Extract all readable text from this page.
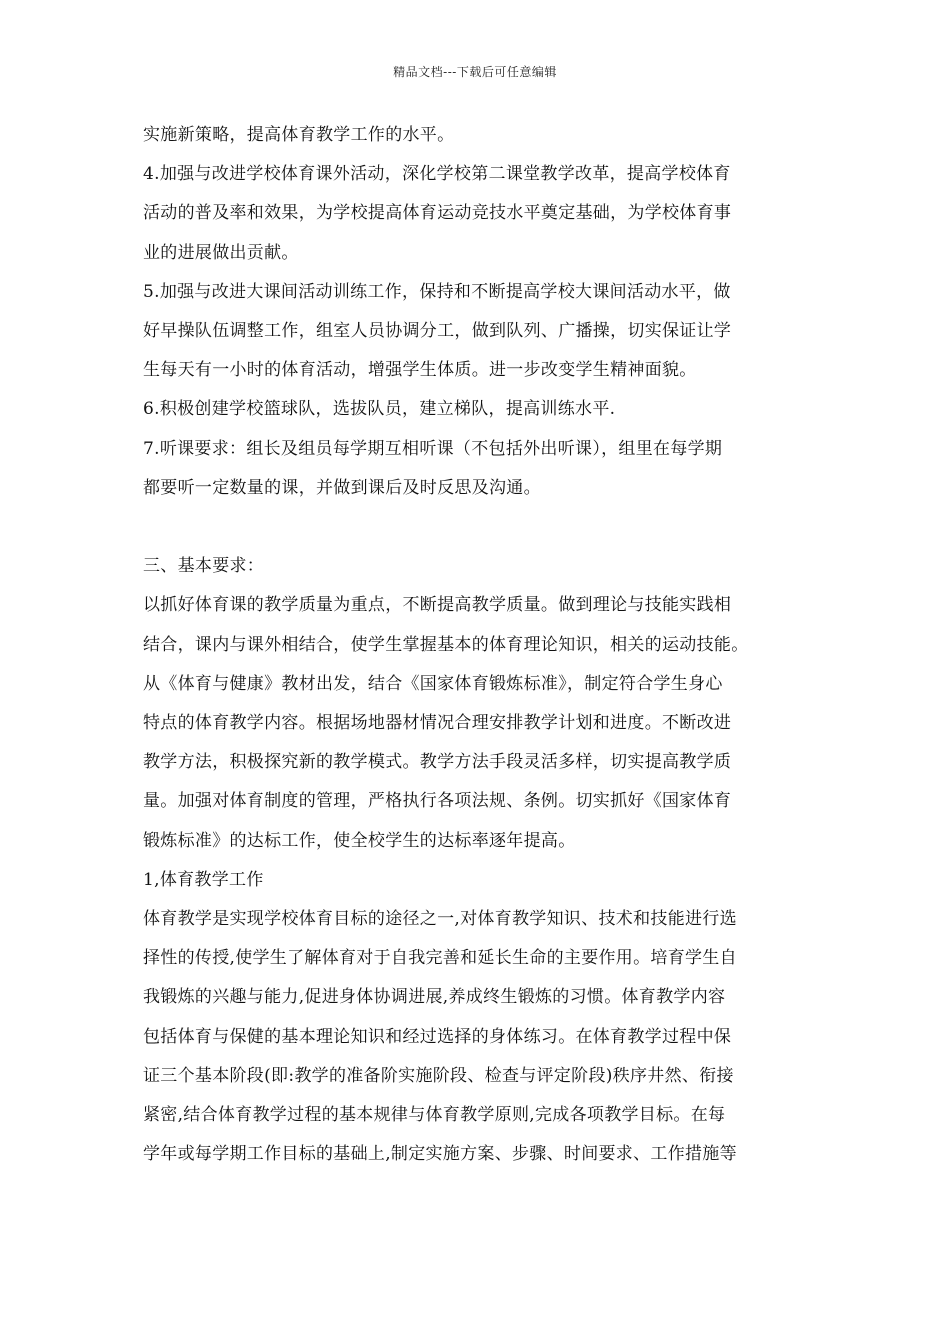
精品文档---下载后可任意编辑

实施新策略，提高体育教学工作的水平。

4.加强与改进学校体育课外活动，深化学校第二课堂教学改革，提高学校体育

活动的普及率和效果，为学校提高体育运动竞技水平奠定基础，为学校体育事

业的进展做出贡献。

5.加强与改进大课间活动训练工作，保持和不断提高学校大课间活动水平，做

好早操队伍调整工作，组室人员协调分工，做到队列、广播操，切实保证让学

生每天有一小时的体育活动，增强学生体质。进一步改变学生精神面貌。

6.积极创建学校篮球队，选拔队员，建立梯队，提高训练水平.

7.听课要求：组长及组员每学期互相听课（不包括外出听课），组里在每学期

都要听一定数量的课，并做到课后及时反思及沟通。

三、基本要求：

以抓好体育课的教学质量为重点，不断提高教学质量。做到理论与技能实践相

结合，课内与课外相结合，使学生掌握基本的体育理论知识，相关的运动技能。

从《体育与健康》教材出发，结合《国家体育锻炼标准》，制定符合学生身心

特点的体育教学内容。根据场地器材情况合理安排教学计划和进度。不断改进

教学方法，积极探究新的教学模式。教学方法手段灵活多样，切实提高教学质

量。加强对体育制度的管理，严格执行各项法规、条例。切实抓好《国家体育

锻炼标准》的达标工作，使全校学生的达标率逐年提高。

1,体育教学工作

体育教学是实现学校体育目标的途径之一,对体育教学知识、技术和技能进行选

择性的传授,使学生了解体育对于自我完善和延长生命的主要作用。培育学生自

我锻炼的兴趣与能力,促进身体协调进展,养成终生锻炼的习惯。体育教学内容

包括体育与保健的基本理论知识和经过选择的身体练习。在体育教学过程中保

证三个基本阶段(即:教学的准备阶实施阶段、检查与评定阶段)秩序井然、衔接

紧密,结合体育教学过程的基本规律与体育教学原则,完成各项教学目标。在每

学年或每学期工作目标的基础上,制定实施方案、步骤、时间要求、工作措施等
